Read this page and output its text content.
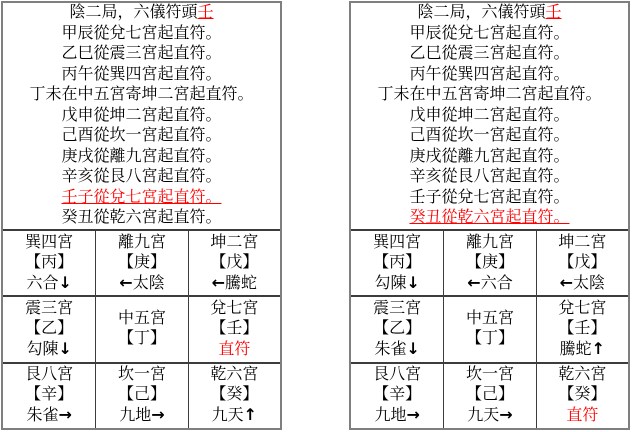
陰二局，六儀符頭壬
甲辰從兌七宮起直符。
乙巳從震三宮起直符。
丙午從巽四宮起直符。
丁未在中五宮寄坤二宮起直符。
戊申從坤二宮起直符。
己酉從坎一宮起直符。
庚戌從離九宮起直符。
辛亥從艮八宮起直符。
壬子從兌七宮起直符。
癸丑從乾六宮起直符。
巽四宮
【丙】
六合↓
離九宮
【庚】
←太陰
坤二宮
【戊】
←騰蛇
震三宮
【乙】
勾陳↓
中五宮
【丁】
兌七宮
【壬】
直符
艮八宮
【辛】
朱雀→
坎一宮
【己】
九地→
乾六宮
【癸】
九天↑
陰二局，六儀符頭壬
甲辰從兌七宮起直符。
乙巳從震三宮起直符。
丙午從巽四宮起直符。
丁未在中五宮寄坤二宮起直符。
戊申從坤二宮起直符。
己酉從坎一宮起直符。
庚戌從離九宮起直符。
辛亥從艮八宮起直符。
壬子從兌七宮起直符。
癸丑從乾六宮起直符。
巽四宮
【丙】
勾陳↓
離九宮
【庚】
←六合
坤二宮
【戊】
←太陰
震三宮
【乙】
朱雀↓
中五宮
【丁】
兌七宮
【壬】
騰蛇↑
艮八宮
【辛】
九地→
坎一宮
【己】
九天→
乾六宮
【癸】
直符
